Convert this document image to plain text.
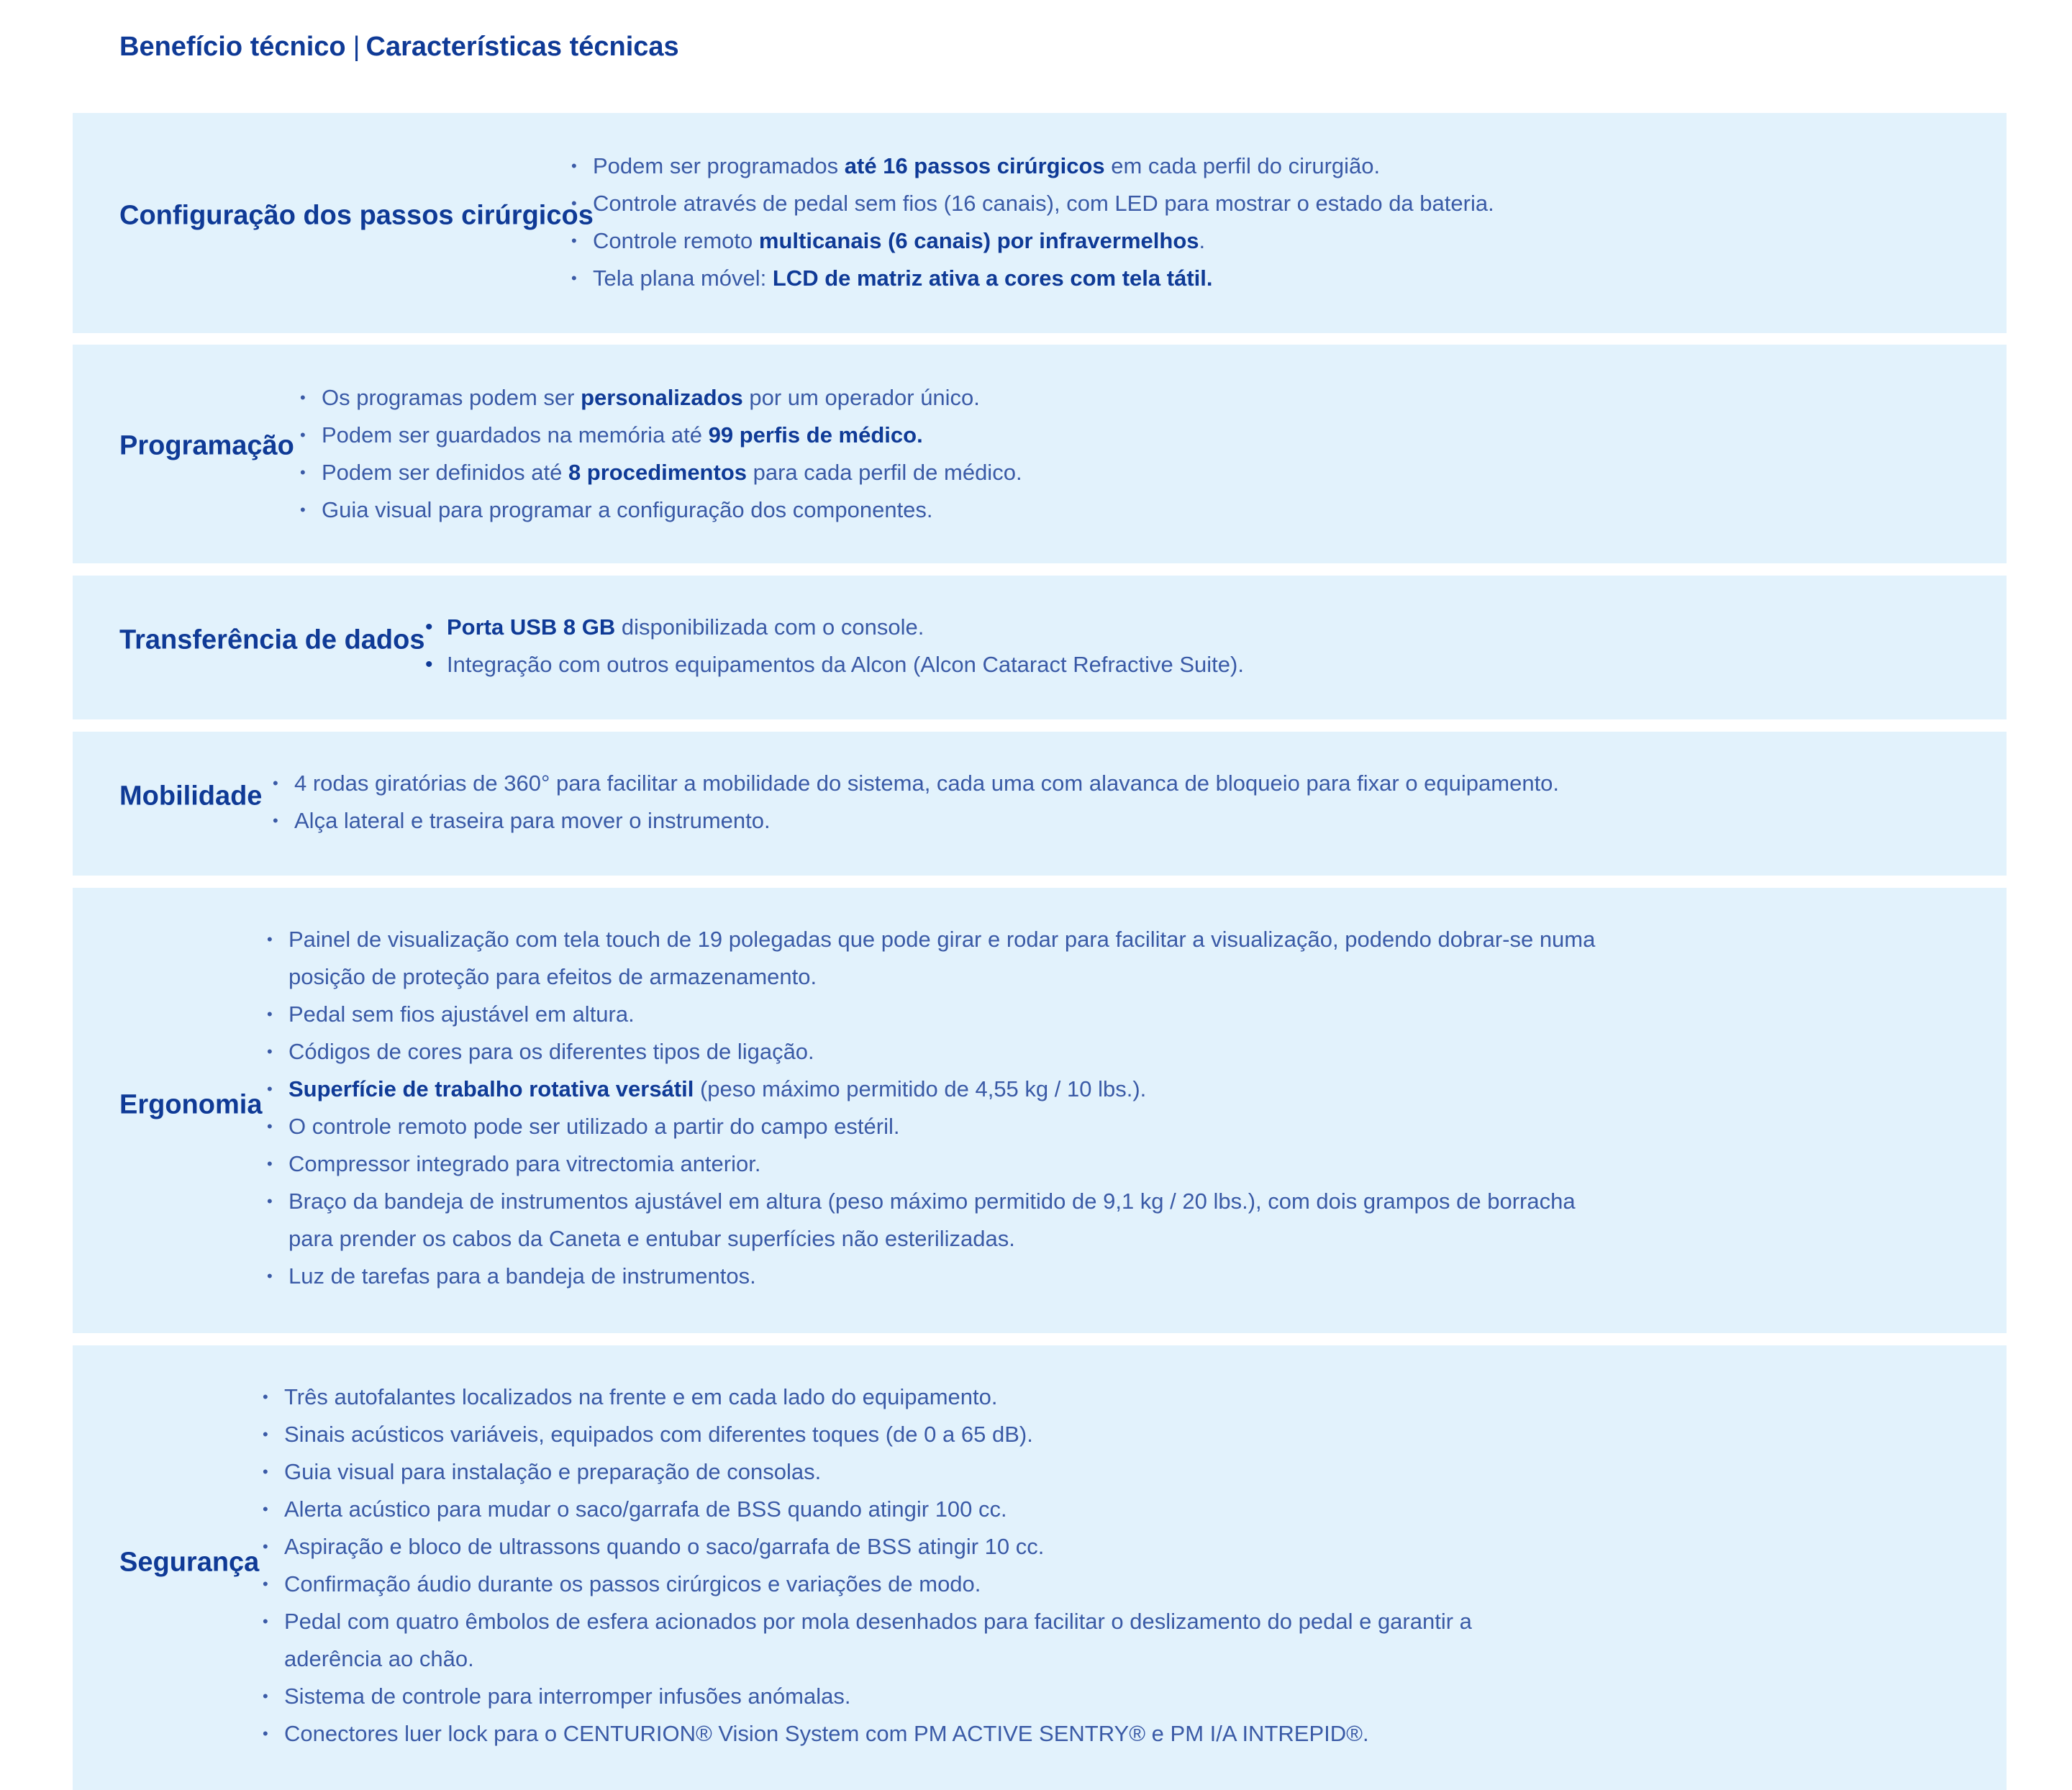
Benefício técnico | Características técnicas
Configuração dos passos cirúrgicos
• Podem ser programados até 16 passos cirúrgicos em cada perfil do cirurgião.
• Controle através de pedal sem fios (16 canais), com LED para mostrar o estado da bateria.
• Controle remoto multicanais (6 canais) por infravermelhos.
• Tela plana móvel: LCD de matriz ativa a cores com tela tátil.
Programação
• Os programas podem ser personalizados por um operador único.
• Podem ser guardados na memória até 99 perfis de médico.
• Podem ser definidos até 8 procedimentos para cada perfil de médico.
• Guia visual para programar a configuração dos componentes.
Transferência de dados • Porta USB 8 GB disponibilizada com o console.
• Integração com outros equipamentos da Alcon (Alcon Cataract Refractive Suite).
Mobilidade	• 4 rodas giratórias de 360° para facilitar a mobilidade do sistema, cada uma com alavanca de bloqueio para fixar o equipamento.
• Alça lateral e traseira para mover o instrumento.
Ergonomia
• Painel de visualização com tela touch de 19 polegadas que pode girar e rodar para facilitar a visualização, podendo dobrar-se numa
posição de proteção para efeitos de armazenamento.
• Pedal sem fios ajustável em altura.
• Códigos de cores para os diferentes tipos de ligação.
• Superfície de trabalho rotativa versátil (peso máximo permitido de 4,55 kg / 10 lbs.).
• O controle remoto pode ser utilizado a partir do campo estéril.
• Compressor integrado para vitrectomia anterior.
• Braço da bandeja de instrumentos ajustável em altura (peso máximo permitido de 9,1 kg / 20 lbs.), com dois grampos de borracha
para prender os cabos da Caneta e entubar superfícies não esterilizadas.
• Luz de tarefas para a bandeja de instrumentos.
Segurança
• Três autofalantes localizados na frente e em cada lado do equipamento.
• Sinais acústicos variáveis, equipados com diferentes toques (de 0 a 65 dB).
• Guia visual para instalação e preparação de consolas.
• Alerta acústico para mudar o saco/garrafa de BSS quando atingir 100 cc.
• Aspiração e bloco de ultrassons quando o saco/garrafa de BSS atingir 10 cc.
• Confirmação áudio durante os passos cirúrgicos e variações de modo.
• Pedal com quatro êmbolos de esfera acionados por mola desenhados para facilitar o deslizamento do pedal e garantir a
aderência ao chão.
• Sistema de controle para interromper infusões anómalas.
• Conectores luer lock para o CENTURION® Vision System com PM ACTIVE SENTRY® e PM I/A INTREPID®.
